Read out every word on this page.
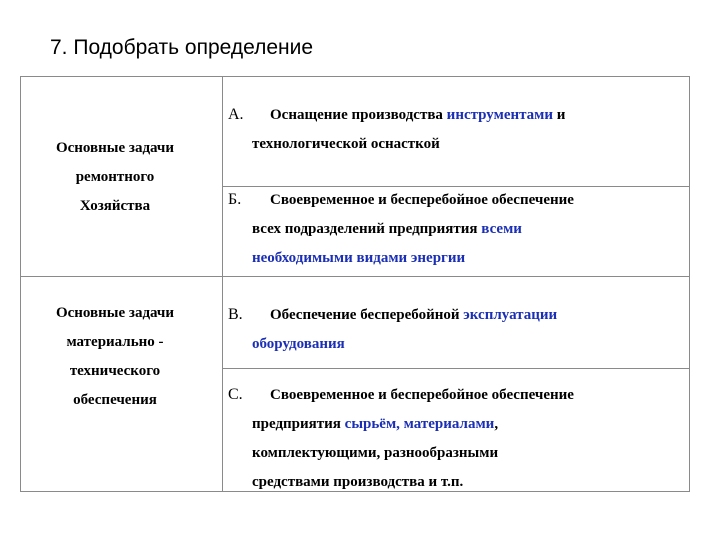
7. Подобрать определение
Основные задачи
ремонтного
Хозяйства
Основные задачи
материально -
технического
обеспечения
А. Оснащение производства инструментами и
технологической оснасткой
Б. Своевременное и бесперебойное обеспечение
всех подразделений предприятия всеми
необходимыми видами энергии
В. Обеспечение бесперебойной эксплуатации
оборудования
С. Своевременное и бесперебойное обеспечение
предприятия сырьём, материалами,
комплектующими, разнообразными
средствами производства и т.п.
